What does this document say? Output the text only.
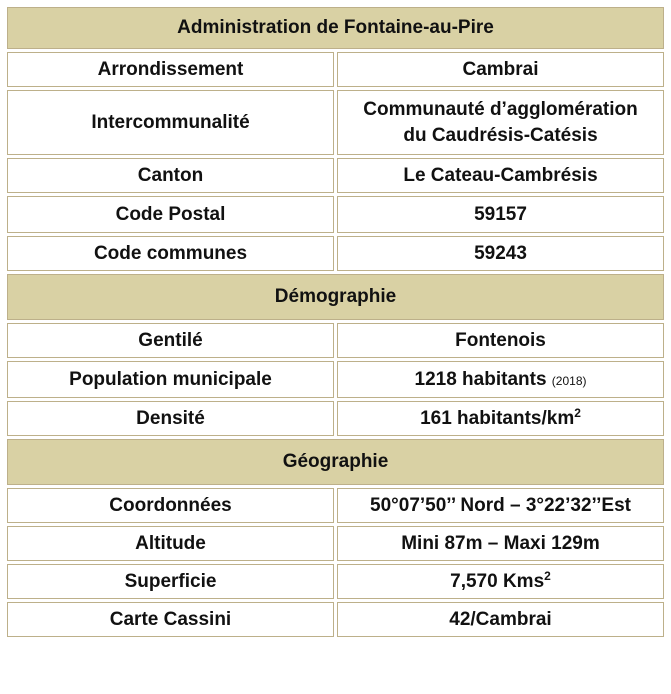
Administration de Fontaine-au-Pire	
Arrondissement	Cambrai
Intercommunalité	Communauté d’agglomération
du Caudrésis-Catésis

Canton	Le Cateau-Cambrésis
Code Postal	59157
Code communes	59243
Démographie	
Gentilé	Fontenois
Population municipale	1218 habitants (2018)
Densité	161 habitants/$km^2$
Géographie	
Coordonnées	50°07’50’’ Nord – 3°22’32’’Est
Altitude	Mini 87m – Maxi 129m
Superficie	7,570 Kms$^2$
Carte Cassini	42/Cambrai
